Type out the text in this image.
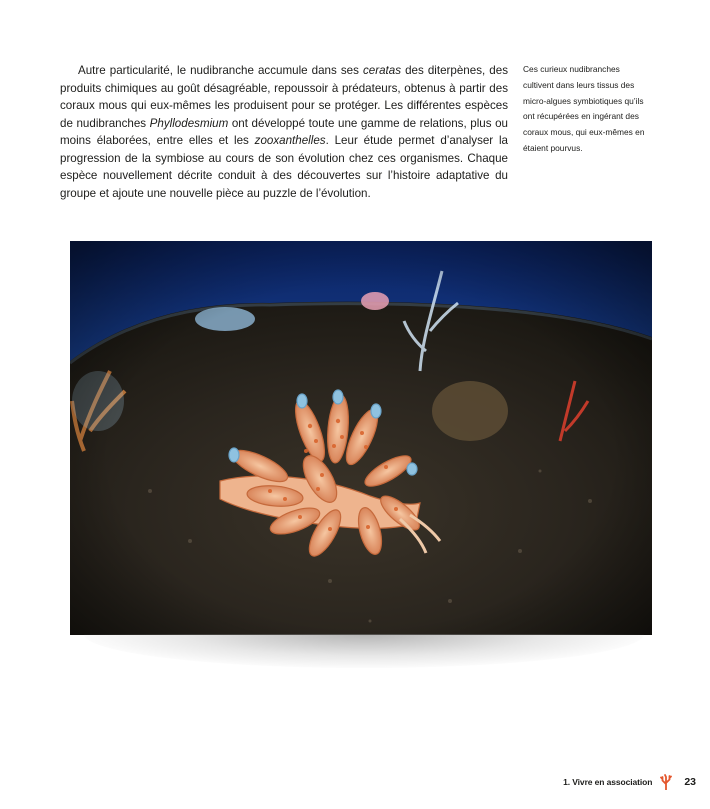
Autre particularité, le nudibranche accumule dans ses ceratas des diterpènes, des produits chimiques au goût désagréable, repoussoir à prédateurs, obtenus à partir des coraux mous qui eux-mêmes les produisent pour se protéger. Les différentes espèces de nudibranches Phyllodesmium ont développé toute une gamme de relations, plus ou moins élaborées, entre elles et les zooxanthelles. Leur étude permet d’analyser la progression de la symbiose au cours de son évolution chez ces organismes. Chaque espèce nouvellement décrite conduit à des découvertes sur l’histoire adaptative du groupe et ajoute une nouvelle pièce au puzzle de l’évolution.

Ces curieux nudibranches cultivent dans leurs tissus des micro-algues symbiotiques qu’ils ont récupérées en ingérant des coraux mous, qui eux-mêmes en étaient pourvus.

1. Vivre en association	23
